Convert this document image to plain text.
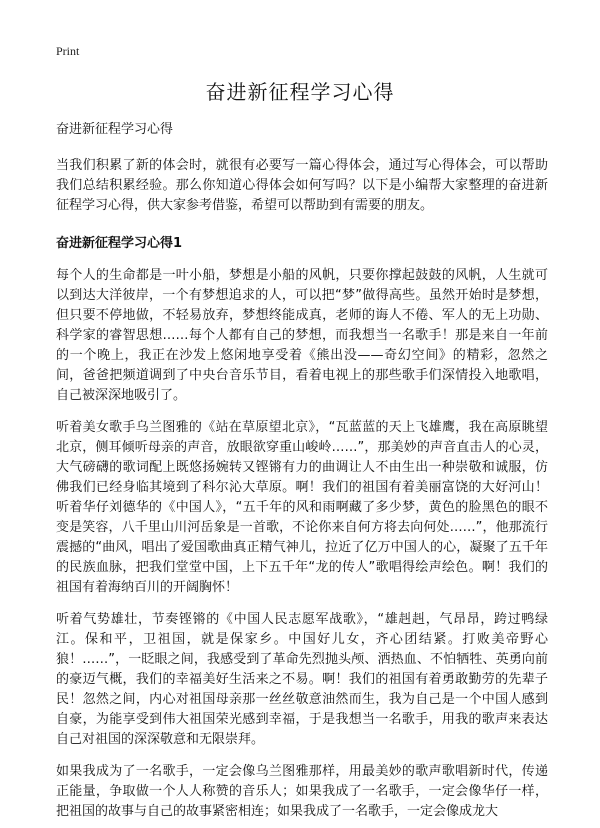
Print
奋进新征程学习心得
奋进新征程学习心得

当我们积累了新的体会时，就很有必要写一篇心得体会，通过写心得体会，可以帮助我们总结积累经验。那么你知道心得体会如何写吗？以下是小编帮大家整理的奋进新征程学习心得，供大家参考借鉴，希望可以帮助到有需要的朋友。

奋进新征程学习心得1

每个人的生命都是一叶小船，梦想是小船的风帆，只要你撑起鼓鼓的风帆，人生就可以到达大洋彼岸，一个有梦想追求的人，可以把“梦”做得高些。虽然开始时是梦想，但只要不停地做，不轻易放弃，梦想终能成真，老师的诲人不倦、军人的无上功勋、科学家的睿智思想……每个人都有自己的梦想，而我想当一名歌手！那是来自一年前的一个晚上，我正在沙发上悠闲地享受着《熊出没——奇幻空间》的精彩，忽然之间，爸爸把频道调到了中央台音乐节目，看着电视上的那些歌手们深情投入地歌唱，自己被深深地吸引了。

听着美女歌手乌兰图雅的《站在草原望北京》，“瓦蓝蓝的天上飞雄鹰，我在高原眺望北京，侧耳倾听母亲的声音，放眼欲穿重山峻岭……”，那美妙的声音直击人的心灵，大气磅礴的歌词配上既悠扬婉转又铿锵有力的曲调让人不由生出一种崇敬和诚服，仿佛我们已经身临其境到了科尔沁大草原。啊！我们的祖国有着美丽富饶的大好河山！听着华仔刘德华的《中国人》，“五千年的风和雨啊藏了多少梦，黄色的脸黑色的眼不变是笑容，八千里山川河岳象是一首歌，不论你来自何方将去向何处……”，他那流行震撼的“曲风，唱出了爱国歌曲真正精气神儿，拉近了亿万中国人的心，凝聚了五千年的民族血脉，把我们堂堂中国，上下五千年“龙的传人”歌唱得绘声绘色。啊！我们的祖国有着海纳百川的开阔胸怀！

听着气势雄壮，节奏铿锵的《中国人民志愿军战歌》，“雄赳赳，气昂昂，跨过鸭绿江。保和平，卫祖国，就是保家乡。中国好儿女，齐心团结紧。打败美帝野心狼！……”，一眨眼之间，我感受到了革命先烈抛头颅、洒热血、不怕牺牲、英勇向前的豪迈气概，我们的幸福美好生活来之不易。啊！我们的祖国有着勇敢勤劳的先辈子民！忽然之间，内心对祖国母亲那一丝丝敬意油然而生，我为自己是一个中国人感到自豪，为能享受到伟大祖国荣光感到幸福，于是我想当一名歌手，用我的歌声来表达自己对祖国的深深敬意和无限崇拜。

如果我成为了一名歌手，一定会像乌兰图雅那样，用最美妙的歌声歌唱新时代，传递正能量，争取做一个人人称赞的音乐人；如果我成了一名歌手，一定会像华仔一样，把祖国的故事与自己的故事紧密相连；如果我成了一名歌手，一定会像成龙大
